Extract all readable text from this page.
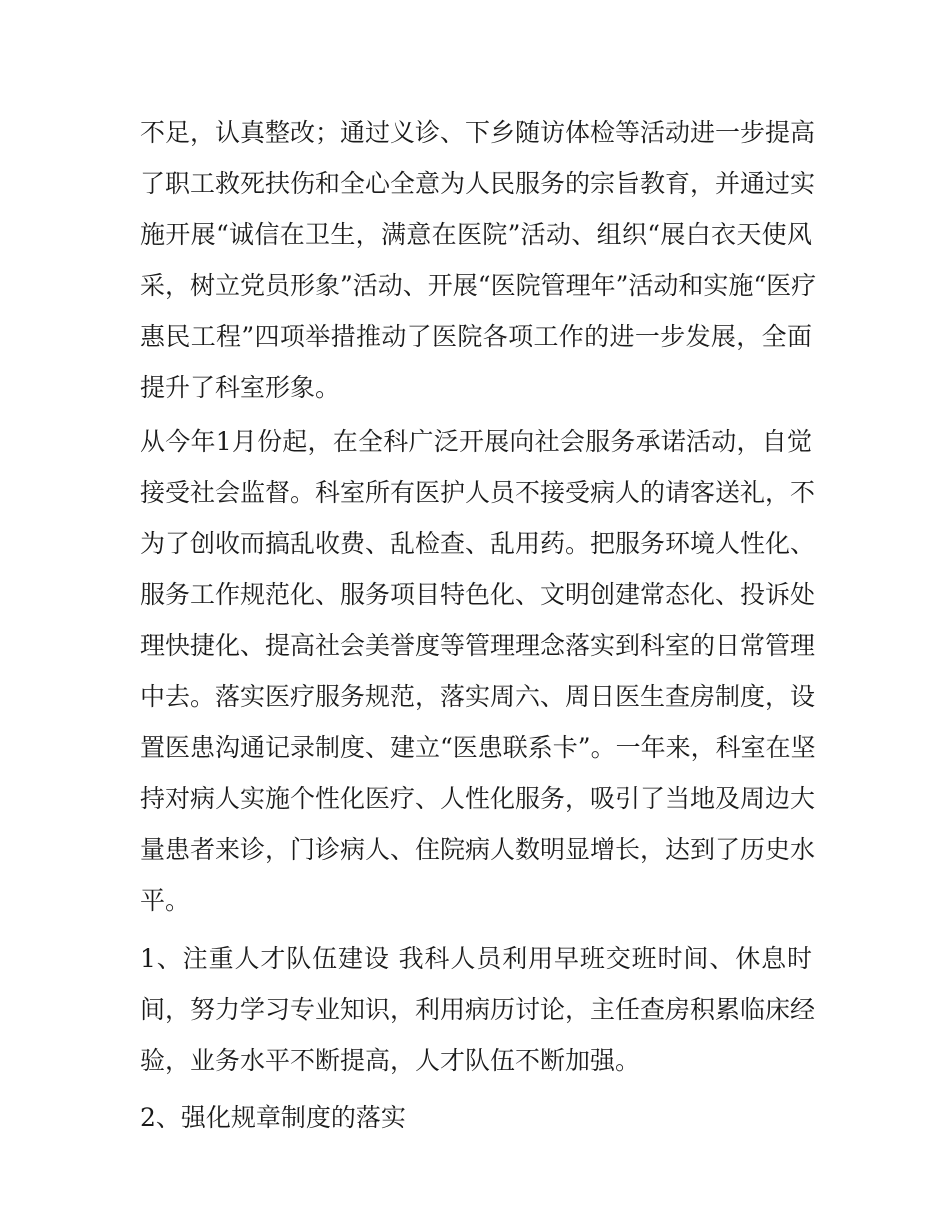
不足，认真整改；通过义诊、下乡随访体检等活动进一步提高
了职工救死扶伤和全心全意为人民服务的宗旨教育，并通过实
施开展“诚信在卫生，满意在医院”活动、组织“展白衣天使风
采，树立党员形象”活动、开展“医院管理年”活动和实施“医疗
惠民工程”四项举措推动了医院各项工作的进一步发展，全面
提升了科室形象。
从今年1月份起，在全科广泛开展向社会服务承诺活动，自觉
接受社会监督。科室所有医护人员不接受病人的请客送礼，不
为了创收而搞乱收费、乱检查、乱用药。把服务环境人性化、
服务工作规范化、服务项目特色化、文明创建常态化、投诉处
理快捷化、提高社会美誉度等管理理念落实到科室的日常管理
中去。落实医疗服务规范，落实周六、周日医生查房制度，设
置医患沟通记录制度、建立“医患联系卡”。一年来，科室在坚
持对病人实施个性化医疗、人性化服务，吸引了当地及周边大
量患者来诊，门诊病人、住院病人数明显增长，达到了历史水
平。
1、注重人才队伍建设 我科人员利用早班交班时间、休息时
间，努力学习专业知识，利用病历讨论，主任查房积累临床经
验，业务水平不断提高，人才队伍不断加强。
2、强化规章制度的落实
